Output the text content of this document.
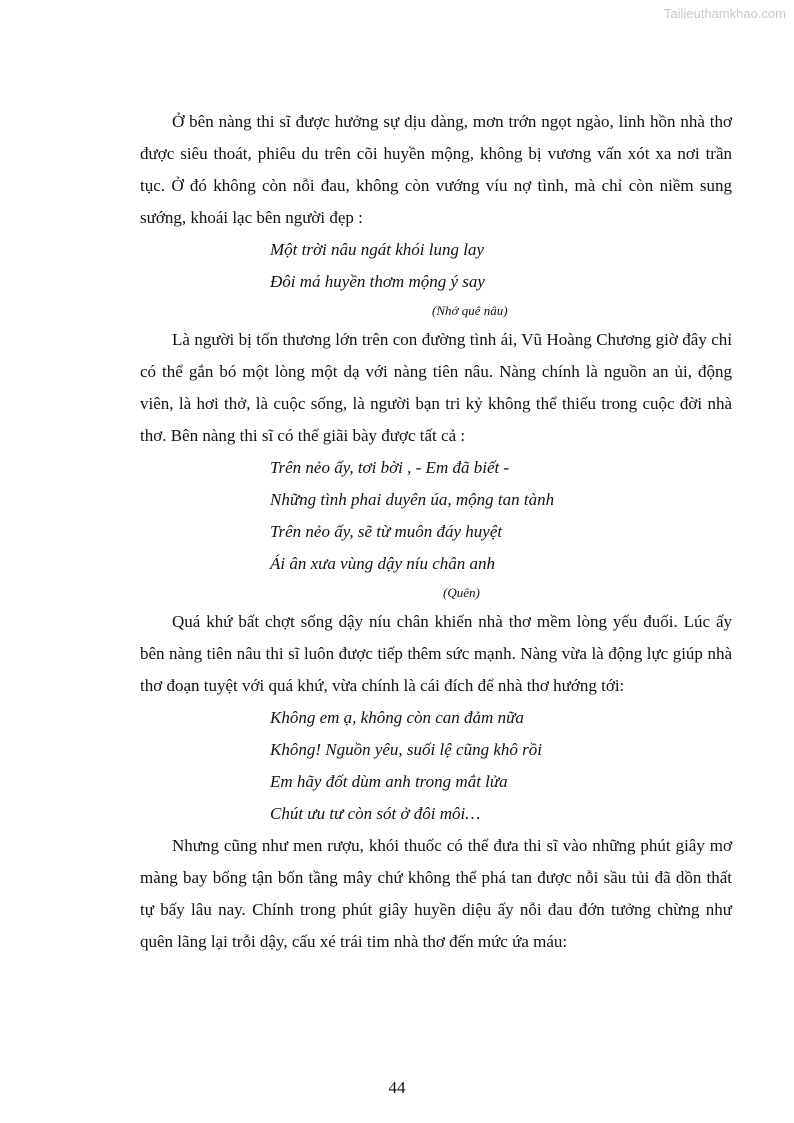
Tailieuthamkhao.com

Ở bên nàng thi sĩ được hưởng sự dịu dàng, mơn trớn ngọt ngào, linh hồn nhà thơ được siêu thoát, phiêu du trên cõi huyền mộng, không bị vương vấn xót xa nơi trần tục. Ở đó không còn nỗi đau, không còn vướng víu nợ tình, mà chỉ còn niềm sung sướng, khoái lạc bên người đẹp :

Một trời nâu ngát khói lung lay

Đôi má huyền thơm mộng ý say

(Nhớ quê nâu)

Là người bị tổn thương lớn trên con đường tình ái, Vũ Hoàng Chương giờ đây chỉ có thể gắn bó một lòng một dạ với nàng tiên nâu. Nàng chính là nguồn an ủi, động viên, là hơi thở, là cuộc sống, là người bạn tri kỷ không thể thiếu trong cuộc đời nhà thơ. Bên nàng thi sĩ có thể giãi bày được tất cả :

Trên nẻo ấy, tơi bời , - Em đã biết -

Những tình phai duyên úa, mộng tan tành

Trên nẻo ấy, sẽ từ muôn đáy huyệt

Ái ân xưa vùng dậy níu chân anh

(Quên)

Quá khứ bất chợt sống dậy níu chân khiến nhà thơ mềm lòng yếu đuối. Lúc ấy bên nàng tiên nâu thi sĩ luôn được tiếp thêm sức mạnh. Nàng vừa là động lực giúp nhà thơ đoạn tuyệt với quá khứ, vừa chính là cái đích để nhà thơ hướng tới:

Không em ạ, không còn can đảm nữa

Không! Nguồn yêu, suối lệ cũng khô rồi

Em hãy đốt dùm anh trong mắt lửa

Chút ưu tư còn sót ở đôi môi…

Nhưng cũng như men rượu, khói thuốc có thể đưa thi sĩ vào những phút giây mơ màng bay bổng tận bốn tầng mây chứ không thể phá tan được nỗi sầu tủi đã dồn thất tự bấy lâu nay. Chính trong phút giây huyền diệu ấy nỗi đau đớn tưởng chừng như quên lãng lại trỗi dậy, cấu xé trái tim nhà thơ đến mức ứa máu:

44
